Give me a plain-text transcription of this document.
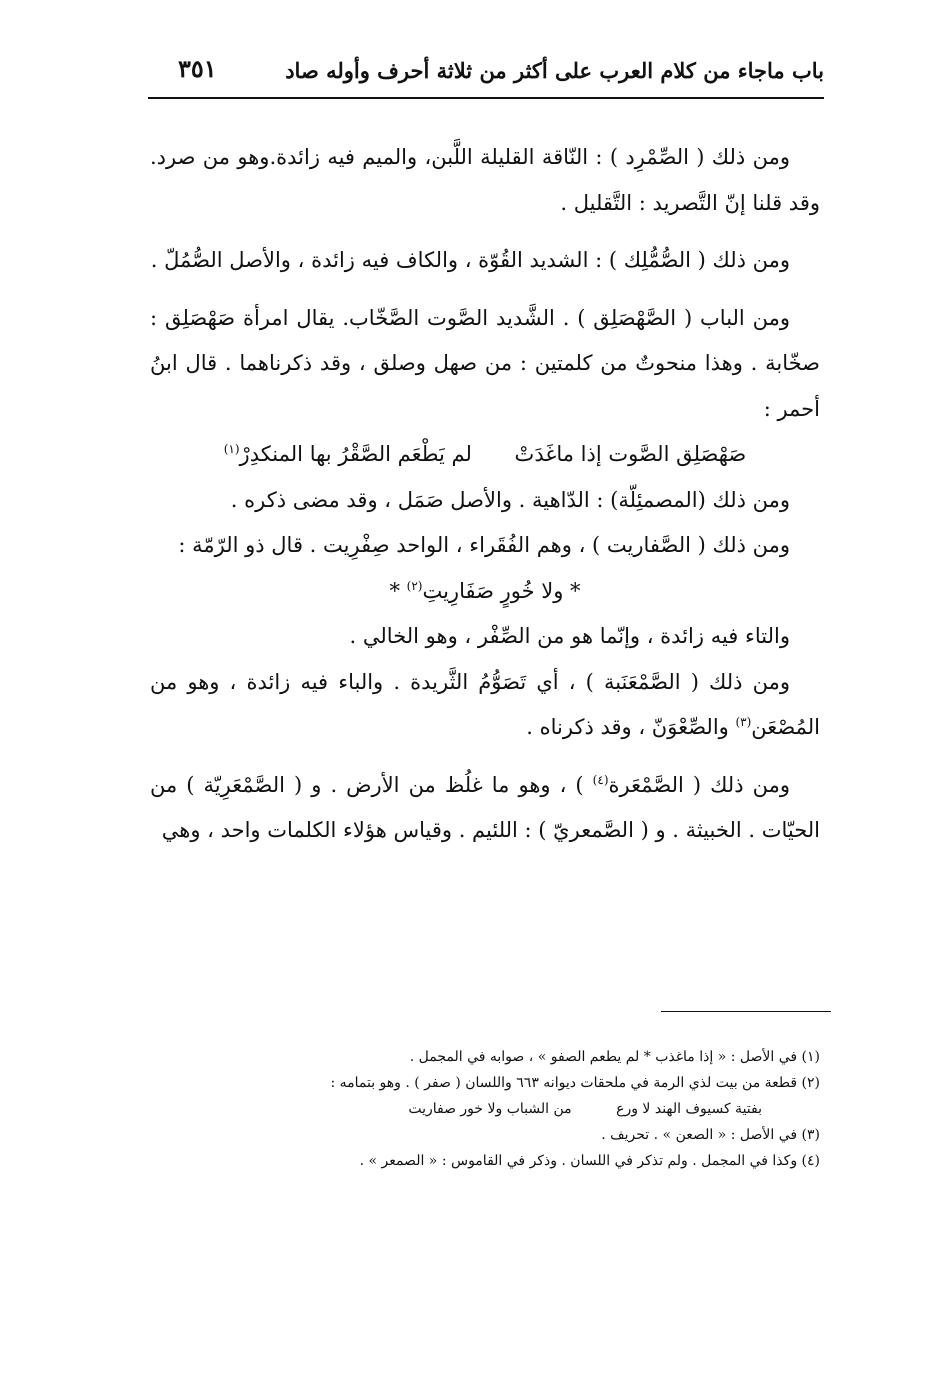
باب ماجاء من كلام العرب على أكثر من ثلاثة أحرف وأوله صاد
٣٥١

ومن ذلك ( الصِّمْرِد ) : النّاقة القليلة اللَّبن، والميم فيه زائدة.وهو من صرد. وقد قلنا إنّ التَّصريد : التَّقليل .

ومن ذلك ( الصُّمُّلِك ) : الشديد القُوّة ، والكاف فيه زائدة ، والأصل الصُّمُلّ .

ومن الباب ( الصَّهْصَلِق ) . الشَّديد الصَّوت الصَّخّاب. يقال امرأة صَهْصَلِق : صخّابة . وهذا منحوتٌ من كلمتين : من صهل وصلق ، وقد ذكرناهما . قال ابنُ أحمر :

صَهْصَلِق الصَّوت إذا ماغَدَتْ لم يَطْعَم الصَّقْرُ بها المنكدِرْ$^{(١)}$

ومن ذلك (المصمئِلّة) : الدّاهية . والأصل صَمَل ، وقد مضى ذكره .

ومن ذلك ( الصَّفاريت ) ، وهم الفُقَراء ، الواحد صِفْرِيت . قال ذو الرّمّة :

* ولا خُورٍ صَفَارِيتِ$^{(٢)}$ *

والتاء فيه زائدة ، وإنّما هو من الصِّفْر ، وهو الخالي .

ومن ذلك ( الصَّمْعَنَبة ) ، أي تَصَوُّمُ الثَّريدة . والباء فيه زائدة ، وهو من المُصْعَن$^{(٣)}$ والصِّعْوَنّ ، وقد ذكرناه .

ومن ذلك ( الصَّمْعَرة$^{(٤)}$ ) ، وهو ما غلُظ من الأرض . و ( الصَّمْعَرِيّة ) من الحيّات . الخبيثة . و ( الصَّمعريّ ) : اللئيم . وقياس هؤلاء الكلمات واحد ، وهي

(١) في الأصل : « إذا ماغذب * لم يطعم الصفو » ، صوابه في المجمل .

(٢) قطعة من بيت لذي الرمة في ملحقات ديوانه ٦٦٣ واللسان ( صفر ) . وهو بتمامه :

بفتية كسيوف الهند لا ورع من الشباب ولا خور صفاريت

(٣) في الأصل : « الصعن » . تحريف .

(٤) وكذا في المجمل . ولم تذكر في اللسان . وذكر في القاموس : « الصمعر » .
